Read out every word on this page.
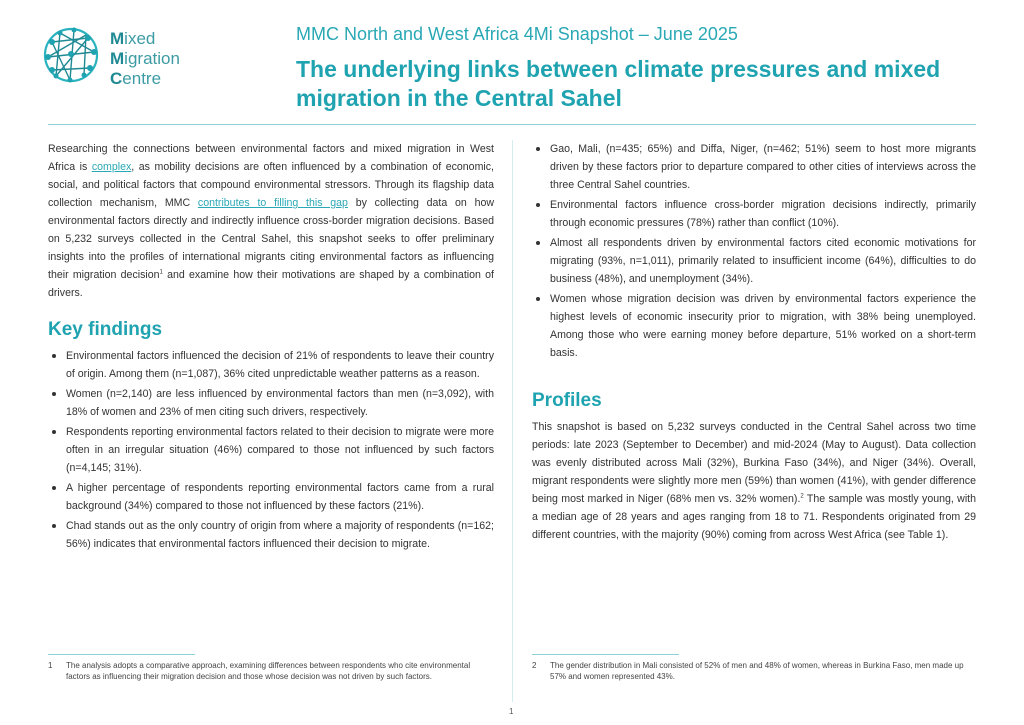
Mixed
Migration
Centre
MMC North and West Africa 4Mi Snapshot – June 2025
The underlying links between climate pressures and mixed migration in the Central Sahel

Researching the connections between environmental factors and mixed migration in West Africa is complex, as mobility decisions are often influenced by a combination of economic, social, and political factors that compound environmental stressors. Through its flagship data collection mechanism, MMC contributes to filling this gap by collecting data on how environmental factors directly and indirectly influence cross-border migration decisions. Based on 5,232 surveys collected in the Central Sahel, this snapshot seeks to offer preliminary insights into the profiles of international migrants citing environmental factors as influencing their migration decision$^1$ and examine how their motivations are shaped by a combination of drivers.

Key findings
Environmental factors influenced the decision of 21% of respondents to leave their country of origin. Among them (n=1,087), 36% cited unpredictable weather patterns as a reason.
Women (n=2,140) are less influenced by environmental factors than men (n=3,092), with 18% of women and 23% of men citing such drivers, respectively.
Respondents reporting environmental factors related to their decision to migrate were more often in an irregular situation (46%) compared to those not influenced by such factors (n=4,145; 31%).
A higher percentage of respondents reporting environmental factors came from a rural background (34%) compared to those not influenced by these factors (21%).
Chad stands out as the only country of origin from where a majority of respondents (n=162; 56%) indicates that environmental factors influenced their decision to migrate.
Gao, Mali, (n=435; 65%) and Diffa, Niger, (n=462; 51%) seem to host more migrants driven by these factors prior to departure compared to other cities of interviews across the three Central Sahel countries.
Environmental factors influence cross-border migration decisions indirectly, primarily through economic pressures (78%) rather than conflict (10%).
Almost all respondents driven by environmental factors cited economic motivations for migrating (93%, n=1,011), primarily related to insufficient income (64%), difficulties to do business (48%), and unemployment (34%).
Women whose migration decision was driven by environmental factors experience the highest levels of economic insecurity prior to migration, with 38% being unemployed. Among those who were earning money before departure, 51% worked on a short-term basis.
Profiles

This snapshot is based on 5,232 surveys conducted in the Central Sahel across two time periods: late 2023 (September to December) and mid-2024 (May to August). Data collection was evenly distributed across Mali (32%), Burkina Faso (34%), and Niger (34%). Overall, migrant respondents were slightly more men (59%) than women (41%), with gender difference being most marked in Niger (68% men vs. 32% women).$^2$ The sample was mostly young, with a median age of 28 years and ages ranging from 18 to 71. Respondents originated from 29 different countries, with the majority (90%) coming from across West Africa (see Table 1).

1 The analysis adopts a comparative approach, examining differences between respondents who cite environmental factors as influencing their migration decision and those whose decision was not driven by such factors.
2 The gender distribution in Mali consisted of 52% of men and 48% of women, whereas in Burkina Faso, men made up 57% and women represented 43%.
1
